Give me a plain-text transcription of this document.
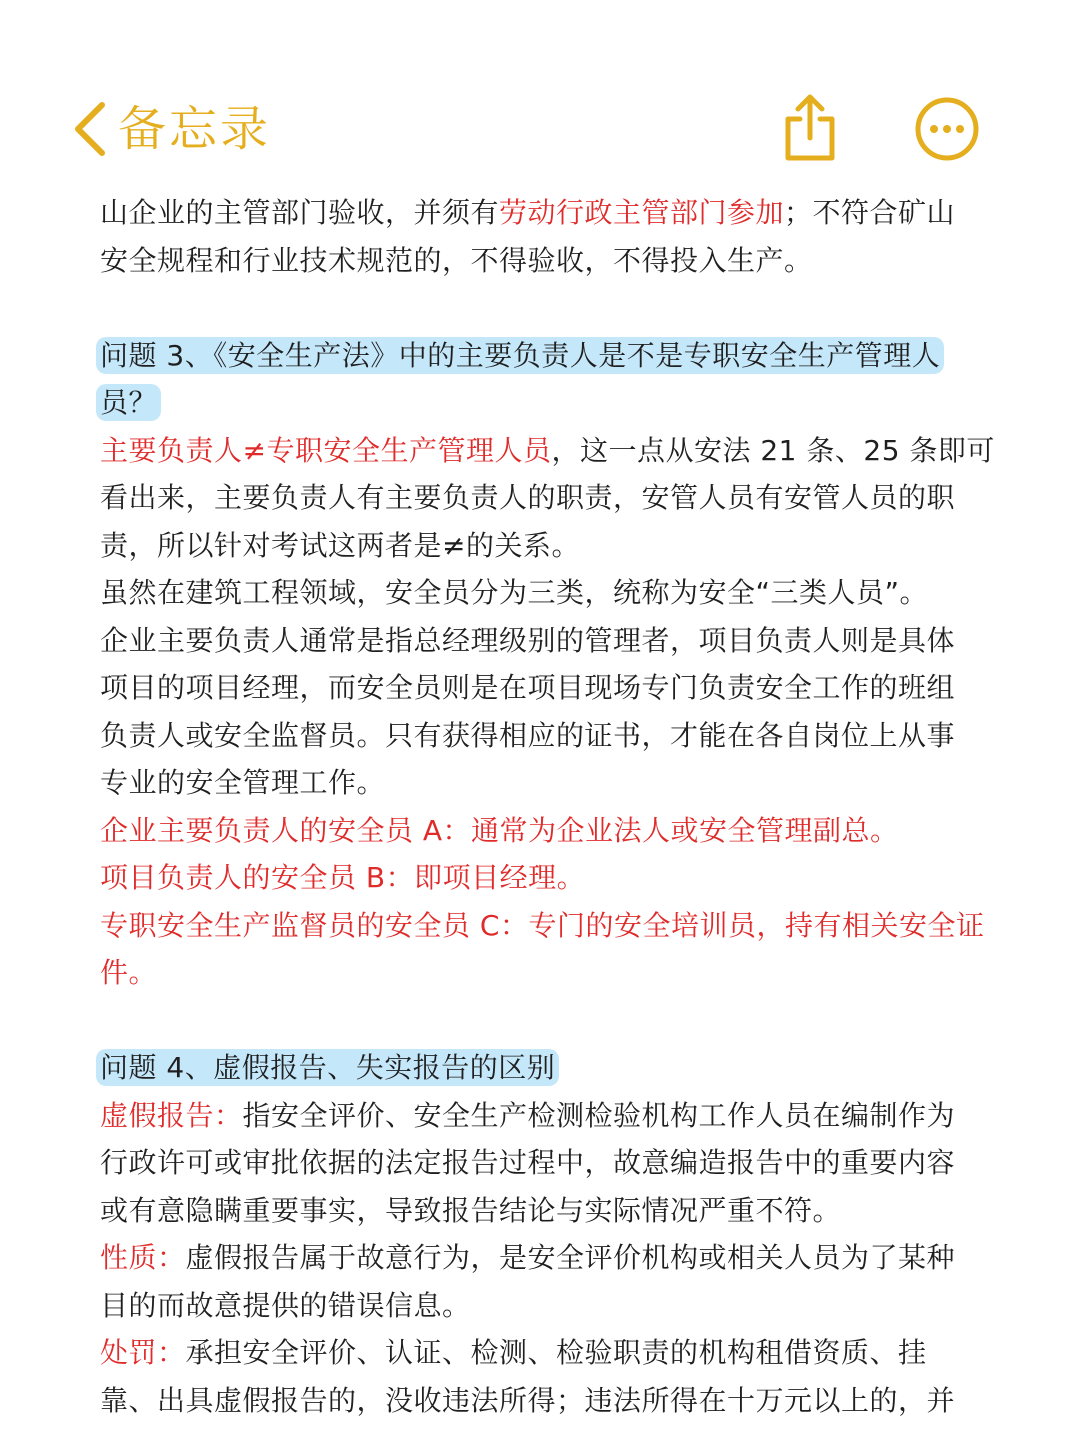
备忘录

山企业的主管部门验收，并须有劳动行政主管部门参加；不符合矿山

安全规程和行业技术规范的，不得验收，不得投入生产。

问题 3、《安全生产法》中的主要负责人是不是专职安全生产管理人

员？

主要负责人≠专职安全生产管理人员，这一点从安法 21 条、25 条即可

看出来，主要负责人有主要负责人的职责，安管人员有安管人员的职

责，所以针对考试这两者是≠的关系。

虽然在建筑工程领域，安全员分为三类，统称为安全“三类人员”。

企业主要负责人通常是指总经理级别的管理者，项目负责人则是具体

项目的项目经理，而安全员则是在项目现场专门负责安全工作的班组

负责人或安全监督员。只有获得相应的证书，才能在各自岗位上从事

专业的安全管理工作。

企业主要负责人的安全员 A：通常为企业法人或安全管理副总。

项目负责人的安全员 B：即项目经理。

专职安全生产监督员的安全员 C：专门的安全培训员，持有相关安全证

件。

问题 4、虚假报告、失实报告的区别

虚假报告：指安全评价、安全生产检测检验机构工作人员在编制作为

行政许可或审批依据的法定报告过程中，故意编造报告中的重要内容

或有意隐瞒重要事实，导致报告结论与实际情况严重不符。

性质：虚假报告属于故意行为，是安全评价机构或相关人员为了某种

目的而故意提供的错误信息。

处罚：承担安全评价、认证、检测、检验职责的机构租借资质、挂

靠、出具虚假报告的，没收违法所得；违法所得在十万元以上的，并
